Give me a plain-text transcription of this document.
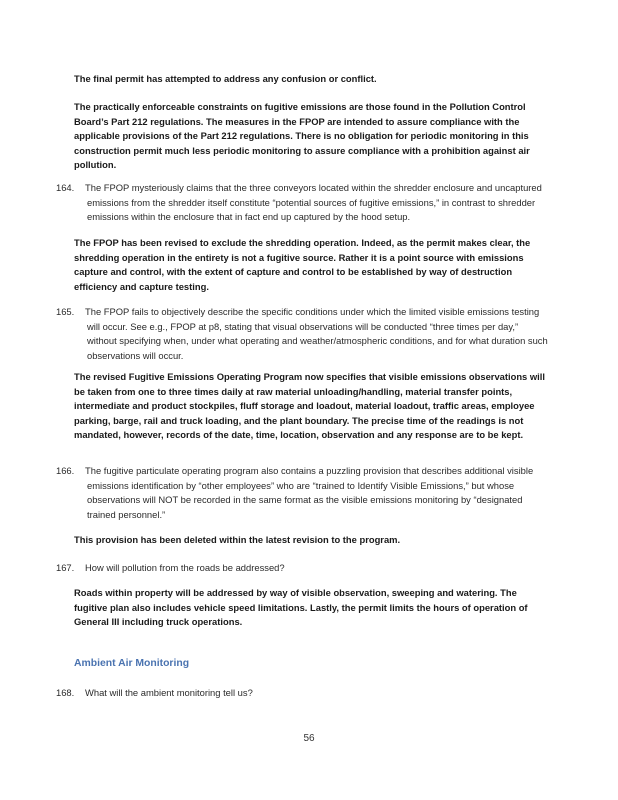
The final permit has attempted to address any confusion or conflict.

The practically enforceable constraints on fugitive emissions are those found in the Pollution Control Board’s Part 212 regulations. The measures in the FPOP are intended to assure compliance with the applicable provisions of the Part 212 regulations. There is no obligation for periodic monitoring in this construction permit much less periodic monitoring to assure compliance with a prohibition against air pollution.

164.	The FPOP mysteriously claims that the three conveyors located within the shredder enclosure and uncaptured emissions from the shredder itself constitute “potential sources of fugitive emissions,” in contrast to shredder emissions within the enclosure that in fact end up captured by the hood setup.

The FPOP has been revised to exclude the shredding operation. Indeed, as the permit makes clear, the shredding operation in the entirety is not a fugitive source. Rather it is a point source with emissions capture and control, with the extent of capture and control to be established by way of destruction efficiency and capture testing.

165.	The FPOP fails to objectively describe the specific conditions under which the limited visible emissions testing will occur. See e.g., FPOP at p8, stating that visual observations will be conducted “three times per day,” without specifying when, under what operating and weather/atmospheric conditions, and for what duration such observations will occur.

The revised Fugitive Emissions Operating Program now specifies that visible emissions observations will be taken from one to three times daily at raw material unloading/handling, material transfer points, intermediate and product stockpiles, fluff storage and loadout, material loadout, traffic areas, employee parking, barge, rail and truck loading, and the plant boundary. The precise time of the readings is not mandated, however, records of the date, time, location, observation and any response are to be kept.

166.	The fugitive particulate operating program also contains a puzzling provision that describes additional visible emissions identification by “other employees” who are “trained to Identify Visible Emissions,” but whose observations will NOT be recorded in the same format as the visible emissions monitoring by “designated trained personnel.”

This provision has been deleted within the latest revision to the program.

167.	How will pollution from the roads be addressed?

Roads within property will be addressed by way of visible observation, sweeping and watering. The fugitive plan also includes vehicle speed limitations. Lastly, the permit limits the hours of operation of General III including truck operations.

Ambient Air Monitoring
168.	What will the ambient monitoring tell us?
56
